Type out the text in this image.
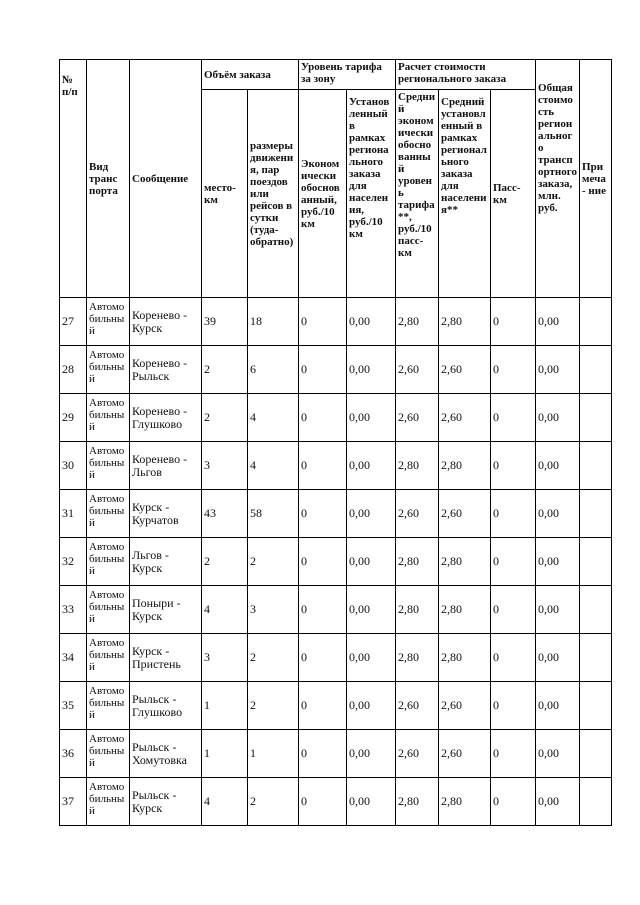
№ п/п	Вид транс порта	Сообщение	Объём заказа		Уровень тарифа за зону		Расчет стоимости регионального заказа			Общая стоимость регионального транспортного заказа, млн. руб.	Примеча - ние
			место-км	размеры движения, пар поездов или рейсов в сутки (туда-обратно)	Экономически обоснованный, руб./10 км	Установленный в рамках регионального заказа для населения, руб./10 км	Средний экономически обоснованный уровень тарифа**, руб./10 пасс-км	Средний установленный в рамках регионального заказа для населения**	Пасс-км		
27	Автомобильный	Коренево - Курск	39	18	0	0,00	2,80	2,80	0	0,00	
28	Автомобильный	Коренево - Рыльск	2	6	0	0,00	2,60	2,60	0	0,00	
29	Автомобильный	Коренево - Глушково	2	4	0	0,00	2,60	2,60	0	0,00	
30	Автомобильный	Коренево - Льгов	3	4	0	0,00	2,80	2,80	0	0,00	
31	Автомобильный	Курск - Курчатов	43	58	0	0,00	2,60	2,60	0	0,00	
32	Автомобильный	Льгов - Курск	2	2	0	0,00	2,80	2,80	0	0,00	
33	Автомобильный	Поныри - Курск	4	3	0	0,00	2,80	2,80	0	0,00	
34	Автомобильный	Курск - Пристень	3	2	0	0,00	2,80	2,80	0	0,00	
35	Автомобильный	Рыльск - Глушково	1	2	0	0,00	2,60	2,60	0	0,00	
36	Автомобильный	Рыльск - Хомутовка	1	1	0	0,00	2,60	2,60	0	0,00	
37	Автомобильный	Рыльск - Курск	4	2	0	0,00	2,80	2,80	0	0,00	
